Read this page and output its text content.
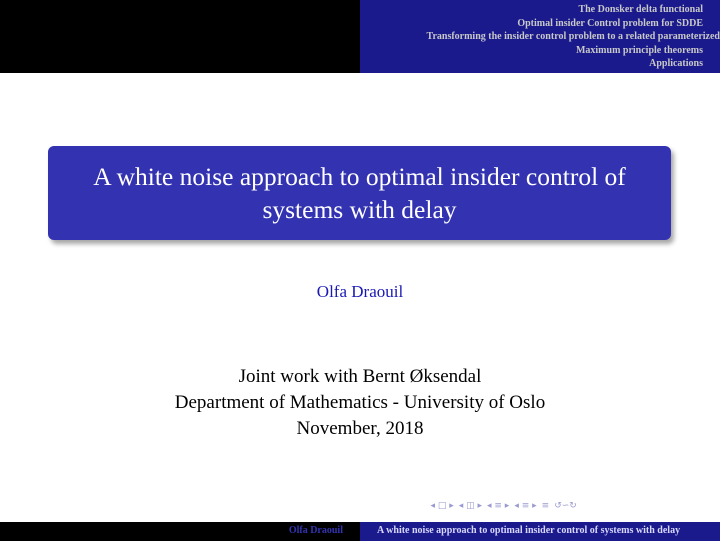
The Donsker delta functional
Optimal insider Control problem for SDDE
Transforming the insider control problem to a related parameterized
Maximum principle theorems
Applications
A white noise approach to optimal insider control of systems with delay
Olfa Draouil
Joint work with Bernt Øksendal
Department of Mathematics - University of Oslo
November, 2018
◂ □ ▸ ◂ ◫ ▸ ◂ ≡ ▸ ◂ ≡ ▸ ≡ ↺∽↻
Olfa Draouil	A white noise approach to optimal insider control of systems with delay
